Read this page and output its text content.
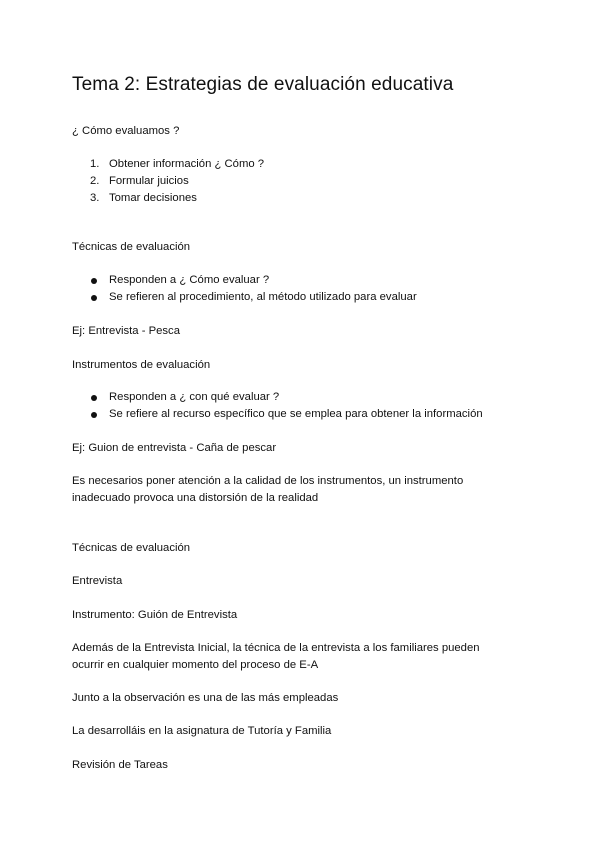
Tema 2: Estrategias de evaluación educativa

¿ Cómo evaluamos ?

1. Obtener información ¿ Cómo ?
2. Formular juicios
3. Tomar decisiones

Técnicas de evaluación

Responden a ¿ Cómo evaluar ?
Se refieren al procedimiento, al método utilizado para evaluar

Ej: Entrevista - Pesca

Instrumentos de evaluación

Responden a ¿ con qué evaluar ?
Se refiere al recurso específico que se emplea para obtener la información

Ej: Guion de entrevista - Caña de pescar

Es necesarios poner atención a la calidad de los instrumentos, un instrumento inadecuado provoca una distorsión de la realidad

Técnicas de evaluación

Entrevista

Instrumento: Guión de Entrevista

Además de la Entrevista Inicial, la técnica de la entrevista a los familiares pueden ocurrir en cualquier momento del proceso de E-A

Junto a la observación es una de las más empleadas

La desarrolláis en la asignatura de Tutoría y Familia

Revisión de Tareas
